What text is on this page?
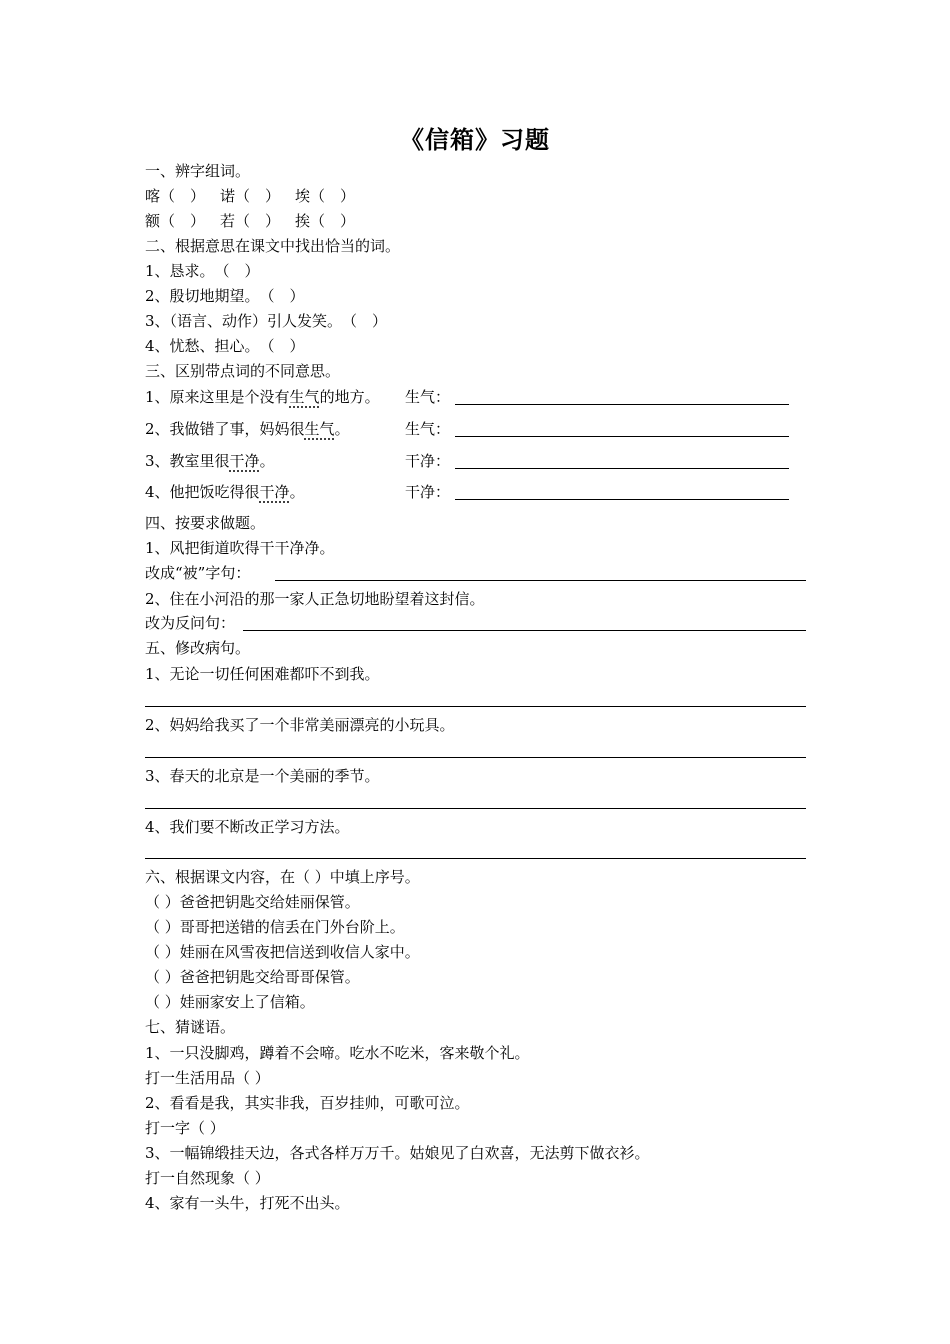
《信箱》习题
一、辨字组词。
喀（　） 诺（　） 埃（　）
额（　） 若（　） 挨（　）
二、根据意思在课文中找出恰当的词。
1、恳求。　（　）
2、殷切地期望。　（　）
3、（语言、动作）引人发笑。　（　）
4、忧愁、担心。　（　）
三、区别带点词的不同意思。
1、原来这里是个没有生气的地方。 生气：
2、我做错了事，妈妈很生气。	生气：
3、教室里很干净。	干净：
4、他把饭吃得很干净。	干净：
四、按要求做题。
1、风把街道吹得干干净净。
改成“被”字句：
2、住在小河沿的那一家人正急切地盼望着这封信。
改为反问句：
五、修改病句。
1、无论一切任何困难都吓不到我。
2、妈妈给我买了一个非常美丽漂亮的小玩具。
3、春天的北京是一个美丽的季节。
4、我们要不断改正学习方法。
六、根据课文内容，在（ ）中填上序号。
（ ）爸爸把钥匙交给娃丽保管。
（ ）哥哥把送错的信丢在门外台阶上。
（ ）娃丽在风雪夜把信送到收信人家中。
（ ）爸爸把钥匙交给哥哥保管。
（ ）娃丽家安上了信箱。
七、猜谜语。
1、一只没脚鸡，蹲着不会啼。吃水不吃米，客来敬个礼。
打一生活用品（ ）
2、看看是我，其实非我，百岁挂帅，可歌可泣。
打一字（ ）
3、一幅锦缎挂天边，各式各样万万千。姑娘见了白欢喜，无法剪下做衣衫。
打一自然现象（ ）
4、家有一头牛，打死不出头。
